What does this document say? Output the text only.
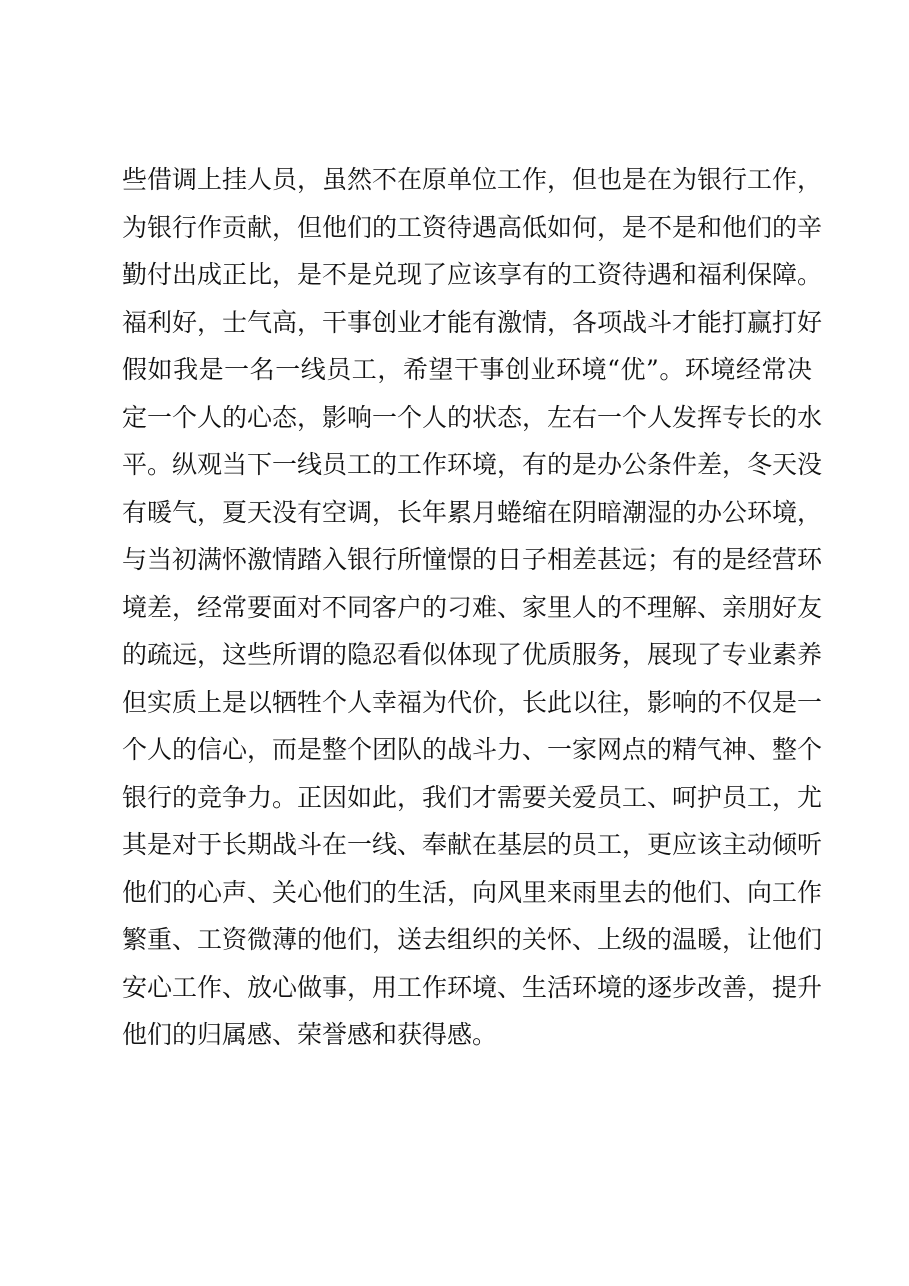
些借调上挂人员，虽然不在原单位工作，但也是在为银行工作，
为银行作贡献，但他们的工资待遇高低如何，是不是和他们的辛
勤付出成正比，是不是兑现了应该享有的工资待遇和福利保障。
福利好，士气高，干事创业才能有激情，各项战斗才能打赢打好
假如我是一名一线员工，希望干事创业环境“优”。环境经常决
定一个人的心态，影响一个人的状态，左右一个人发挥专长的水
平。纵观当下一线员工的工作环境，有的是办公条件差，冬天没
有暖气，夏天没有空调，长年累月蜷缩在阴暗潮湿的办公环境，
与当初满怀激情踏入银行所憧憬的日子相差甚远；有的是经营环
境差，经常要面对不同客户的刁难、家里人的不理解、亲朋好友
的疏远，这些所谓的隐忍看似体现了优质服务，展现了专业素养
但实质上是以牺牲个人幸福为代价，长此以往，影响的不仅是一
个人的信心，而是整个团队的战斗力、一家网点的精气神、整个
银行的竞争力。正因如此，我们才需要关爱员工、呵护员工，尤
其是对于长期战斗在一线、奉献在基层的员工，更应该主动倾听
他们的心声、关心他们的生活，向风里来雨里去的他们、向工作
繁重、工资微薄的他们，送去组织的关怀、上级的温暖，让他们
安心工作、放心做事，用工作环境、生活环境的逐步改善，提升
他们的归属感、荣誉感和获得感。
